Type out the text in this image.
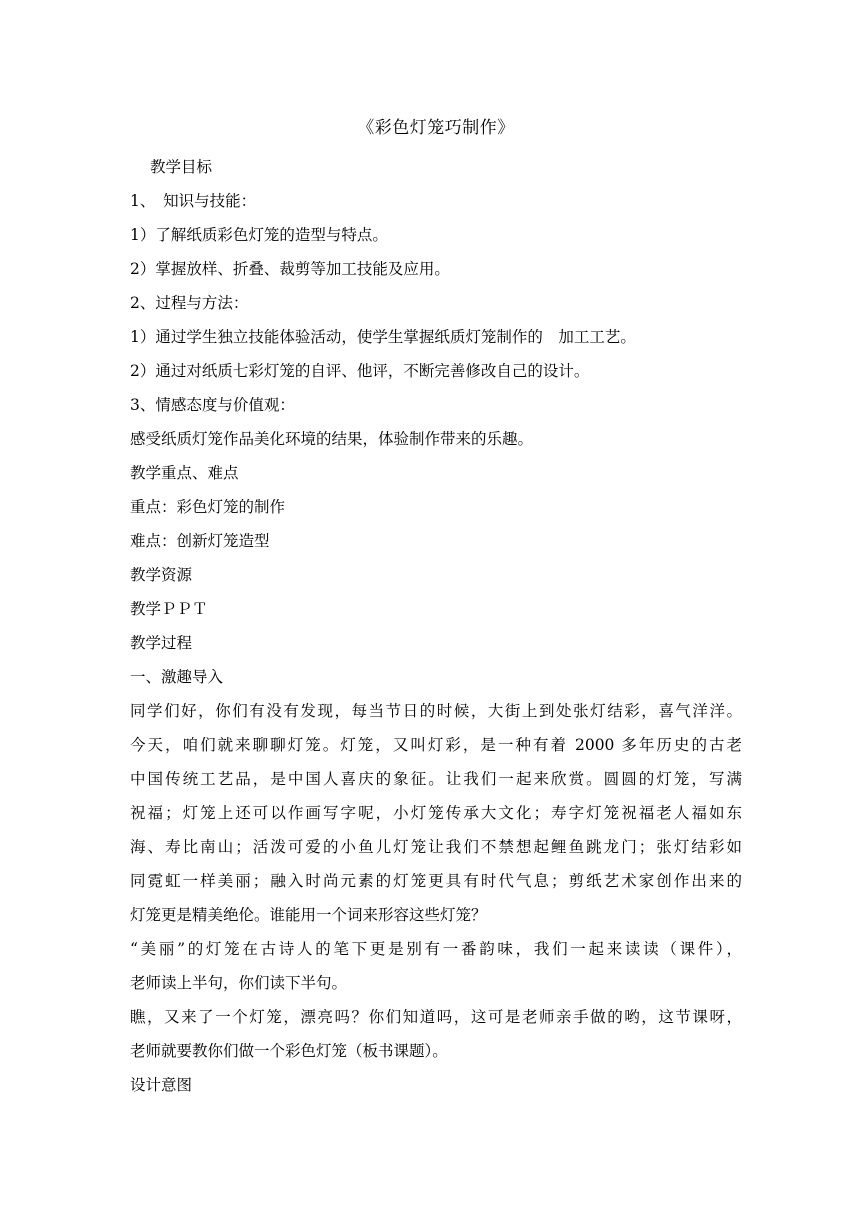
《彩色灯笼巧制作》
教学目标
1、　知识与技能：
1）了解纸质彩色灯笼的造型与特点。
2）掌握放样、折叠、裁剪等加工技能及应用。
2、过程与方法：
1）通过学生独立技能体验活动，使学生掌握纸质灯笼制作的　加工工艺。
2）通过对纸质七彩灯笼的自评、他评，不断完善修改自己的设计。
3、情感态度与价值观：
感受纸质灯笼作品美化环境的结果，体验制作带来的乐趣。
教学重点、难点
重点：彩色灯笼的制作
难点：创新灯笼造型
教学资源
教学ＰＰＴ
教学过程
一、激趣导入
同学们好，你们有没有发现，每当节日的时候，大街上到处张灯结彩，喜气洋洋。
今天，咱们就来聊聊灯笼。灯笼，又叫灯彩，是一种有着 2000 多年历史的古老
中国传统工艺品，是中国人喜庆的象征。让我们一起来欣赏。圆圆的灯笼，写满
祝福；灯笼上还可以作画写字呢，小灯笼传承大文化；寿字灯笼祝福老人福如东
海、寿比南山；活泼可爱的小鱼儿灯笼让我们不禁想起鲤鱼跳龙门；张灯结彩如
同霓虹一样美丽；融入时尚元素的灯笼更具有时代气息；剪纸艺术家创作出来的
灯笼更是精美绝伦。谁能用一个词来形容这些灯笼？
“美丽”的灯笼在古诗人的笔下更是别有一番韵味，我们一起来读读（课件），
老师读上半句，你们读下半句。
瞧，又来了一个灯笼，漂亮吗？你们知道吗，这可是老师亲手做的哟，这节课呀，
老师就要教你们做一个彩色灯笼（板书课题）。
设计意图
